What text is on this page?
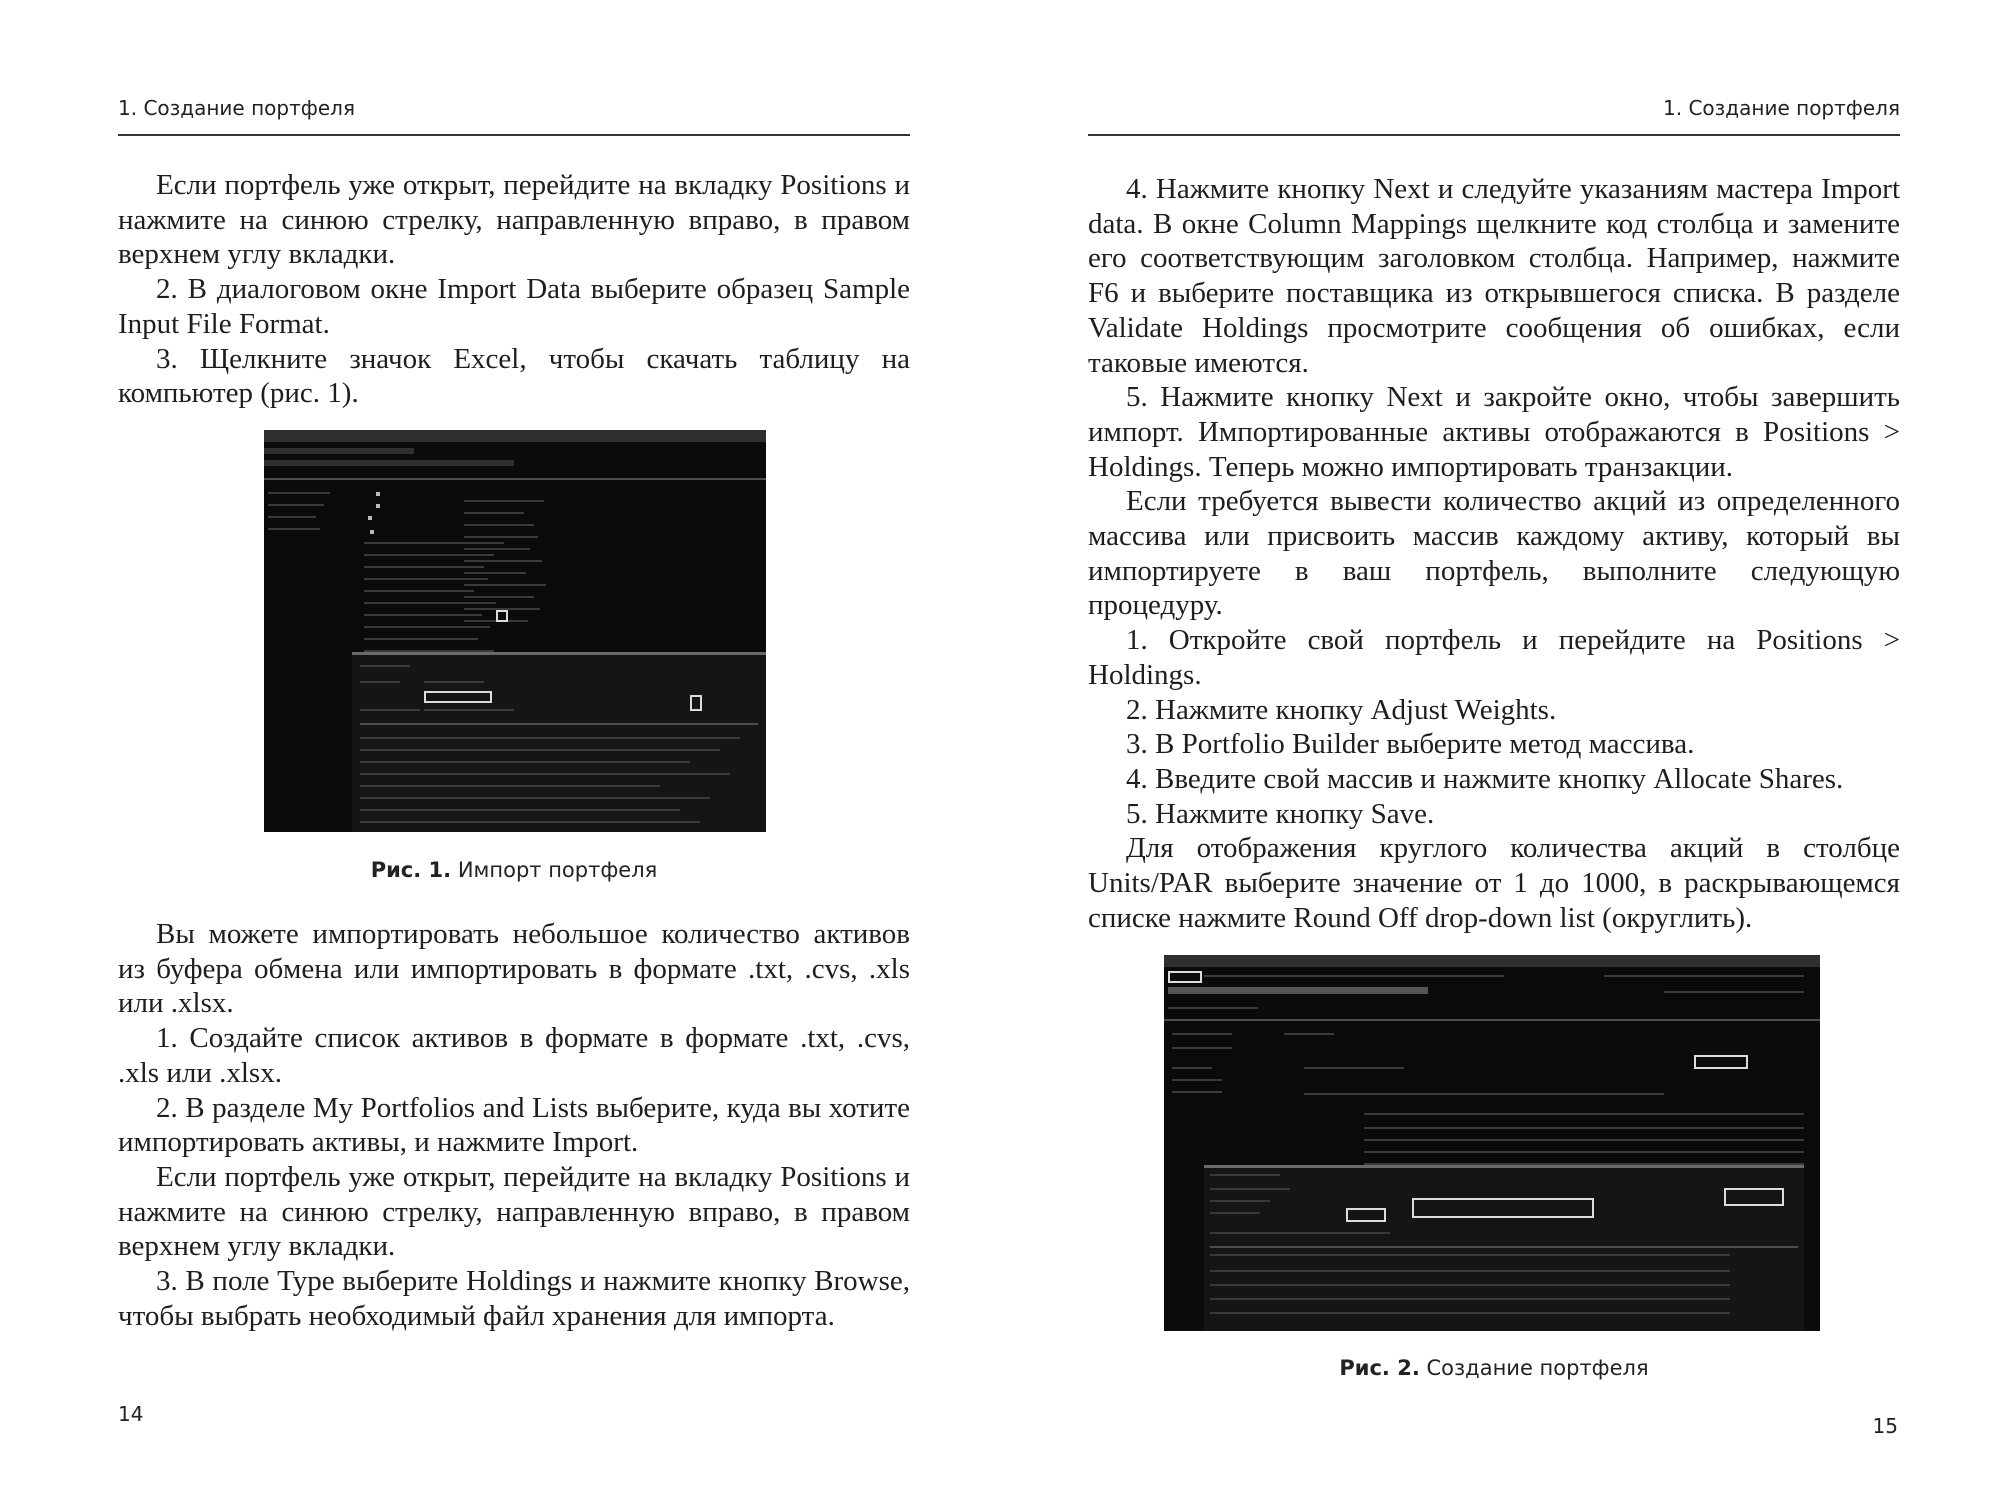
1. Создание портфеля

Если портфель уже открыт, перейдите на вкладку Positions и нажмите на синюю стрелку, направленную вправо, в правом верхнем углу вкладки.

2. В диалоговом окне Import Data выберите образец Sample Input File Format.

3. Щелкните значок Excel, чтобы скачать таблицу на компьютер (рис. 1).

Рис. 1. Импорт портфеля

Вы можете импортировать небольшое количество активов из буфера обмена или импортировать в формате .txt, .cvs, .xls или .xlsx.

1. Создайте список активов в формате в формате .txt, .cvs, .xls или .xlsx.

2. В разделе My Portfolios and Lists выберите, куда вы хотите импортировать активы, и нажмите Import.

Если портфель уже открыт, перейдите на вкладку Positions и нажмите на синюю стрелку, направленную вправо, в правом верхнем углу вкладки.

3. В поле Type выберите Holdings и нажмите кнопку Browse, чтобы выбрать необходимый файл хранения для импорта.

14
1. Создание портфеля

4. Нажмите кнопку Next и следуйте указаниям мастера Import data. В окне Column Mappings щелкните код столбца и замените его соответствующим заголовком столбца. Например, нажмите F6 и выберите поставщика из открывшегося списка. В разделе Validate Holdings просмотрите сообщения об ошибках, если таковые имеются.

5. Нажмите кнопку Next и закройте окно, чтобы завершить импорт. Импортированные активы отображаются в Positions > Holdings. Теперь можно импортировать транзакции.

Если требуется вывести количество акций из определенного массива или присвоить массив каждому активу, который вы импортируете в ваш портфель, выполните следующую процедуру.

1. Откройте свой портфель и перейдите на Positions > Holdings.

2. Нажмите кнопку Adjust Weights.

3. В Portfolio Builder выберите метод массива.

4. Введите свой массив и нажмите кнопку Allocate Shares.

5. Нажмите кнопку Save.

Для отображения круглого количества акций в столбце Units/PAR выберите значение от 1 до 1000, в раскрывающемся списке нажмите Round Off drop-down list (округлить).

Рис. 2. Создание портфеля
15
